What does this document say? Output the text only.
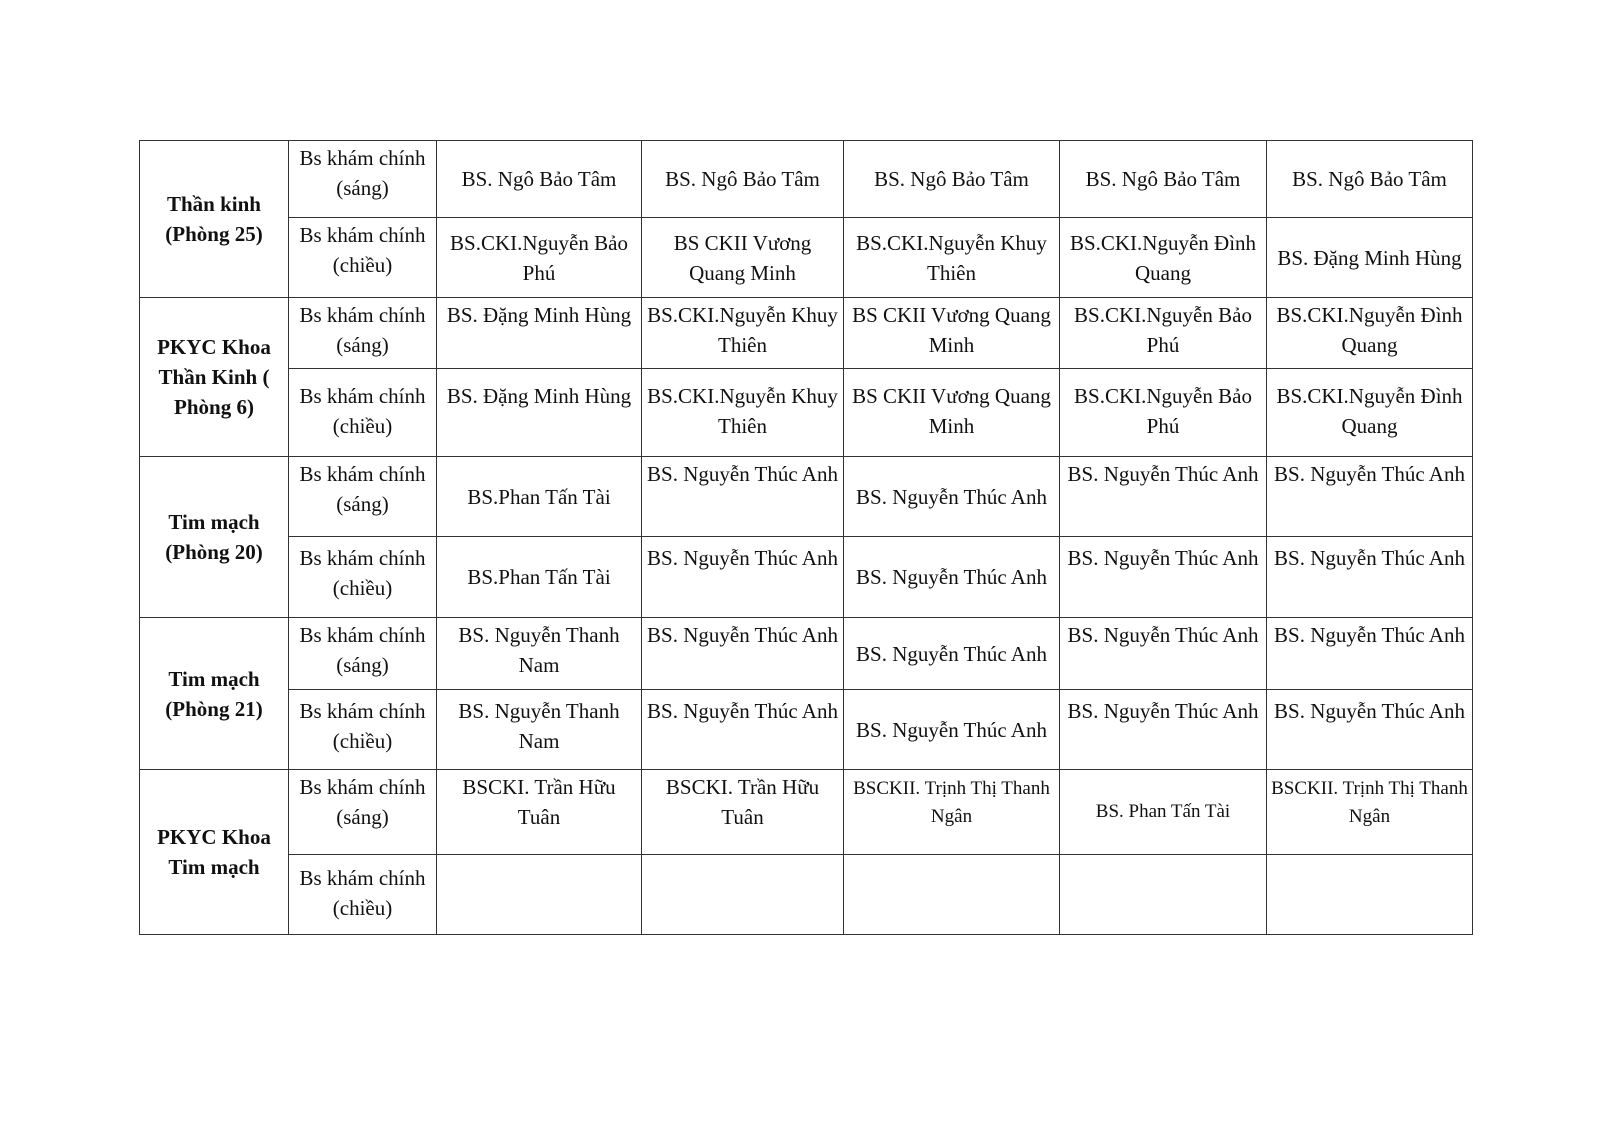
Thần kinh (Phòng 25)	Bs khám chính (sáng)	BS. Ngô Bảo Tâm	BS. Ngô Bảo Tâm	BS. Ngô Bảo Tâm	BS. Ngô Bảo Tâm	BS. Ngô Bảo Tâm
	Bs khám chính (chiều)	BS.CKI.Nguyễn Bảo Phú	BS CKII Vương Quang Minh	BS.CKI.Nguyễn Khuy Thiên	BS.CKI.Nguyễn Đình Quang	BS. Đặng Minh Hùng
PKYC Khoa Thần Kinh ( Phòng 6)	Bs khám chính (sáng)	BS. Đặng Minh Hùng	BS.CKI.Nguyễn Khuy Thiên	BS CKII Vương Quang Minh	BS.CKI.Nguyễn Bảo Phú	BS.CKI.Nguyễn Đình Quang
	Bs khám chính (chiều)	BS. Đặng Minh Hùng	BS.CKI.Nguyễn Khuy Thiên	BS CKII Vương Quang Minh	BS.CKI.Nguyễn Bảo Phú	BS.CKI.Nguyễn Đình Quang
Tim mạch (Phòng 20)	Bs khám chính (sáng)	BS.Phan Tấn Tài	BS. Nguyễn Thúc Anh	BS. Nguyễn Thúc Anh	BS. Nguyễn Thúc Anh	BS. Nguyễn Thúc Anh
	Bs khám chính (chiều)	BS.Phan Tấn Tài	BS. Nguyễn Thúc Anh	BS. Nguyễn Thúc Anh	BS. Nguyễn Thúc Anh	BS. Nguyễn Thúc Anh
Tim mạch (Phòng 21)	Bs khám chính (sáng)	BS. Nguyễn Thanh Nam	BS. Nguyễn Thúc Anh	BS. Nguyễn Thúc Anh	BS. Nguyễn Thúc Anh	BS. Nguyễn Thúc Anh
	Bs khám chính (chiều)	BS. Nguyễn Thanh Nam	BS. Nguyễn Thúc Anh	BS. Nguyễn Thúc Anh	BS. Nguyễn Thúc Anh	BS. Nguyễn Thúc Anh
PKYC Khoa Tim mạch	Bs khám chính (sáng)	BSCKI. Trần Hữu Tuân	BSCKI. Trần Hữu Tuân	BSCKII. Trịnh Thị Thanh Ngân	BS. Phan Tấn Tài	BSCKII. Trịnh Thị Thanh Ngân
	Bs khám chính (chiều)					
